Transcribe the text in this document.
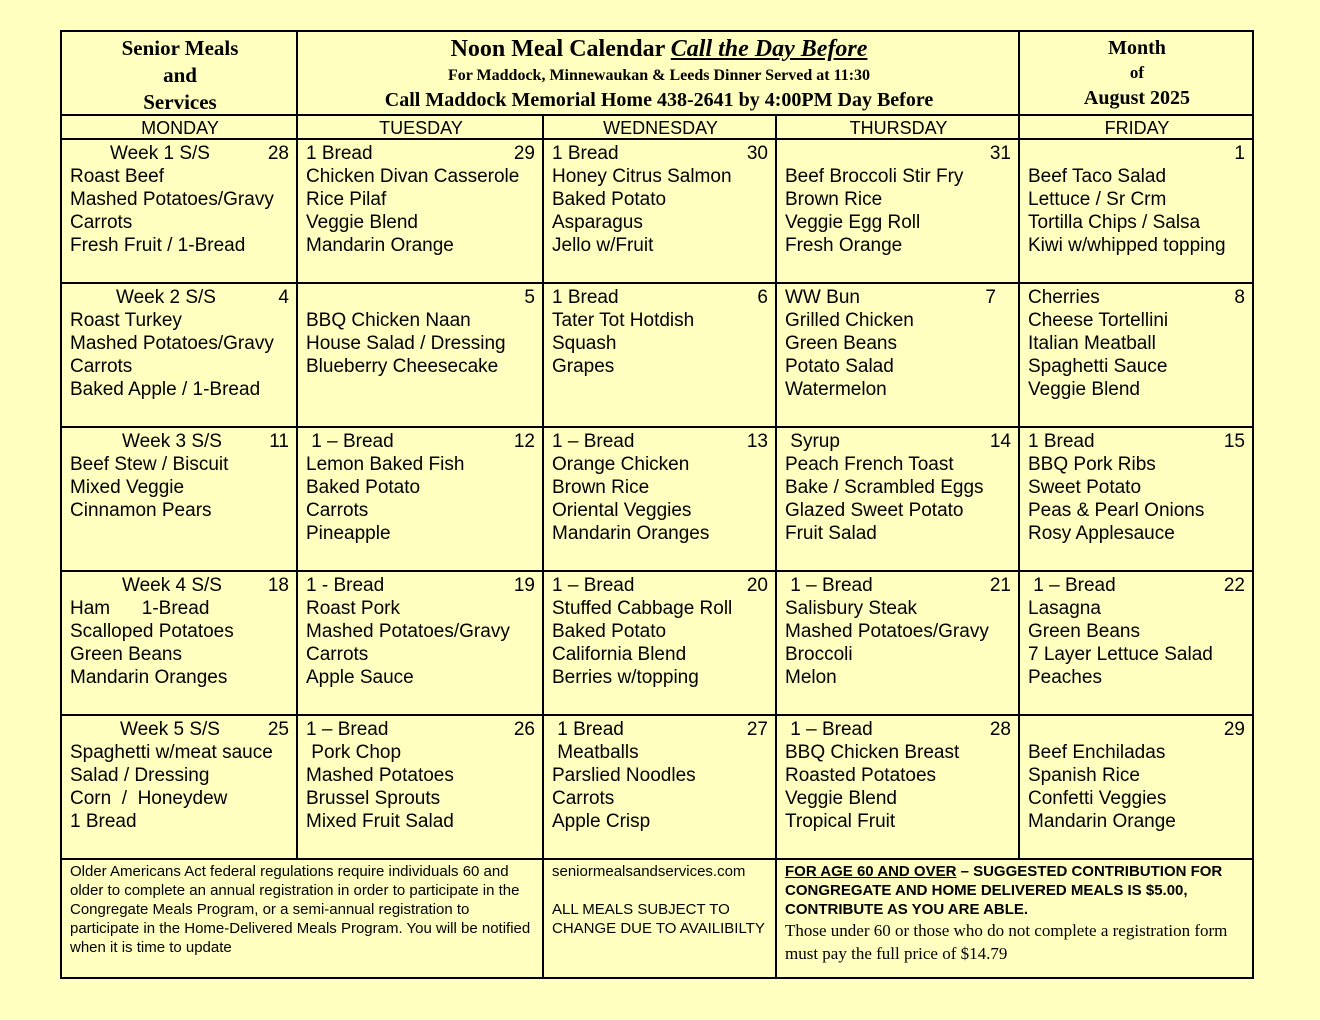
Senior Meals
and
Services
Noon Meal Calendar Call the Day Before
For Maddock, Minnewaukan & Leeds Dinner Served at 11:30
Call Maddock Memorial Home 438-2641 by 4:00PM Day Before
Month
of
August 2025
MONDAY	TUESDAY	WEDNESDAY	THURSDAY	FRIDAY
Week 1 S/S	28
Roast Beef
Mashed Potatoes/Gravy
Carrots
Fresh Fruit / 1-Bread
1 Bread	29
Chicken Divan Casserole
Rice Pilaf
Veggie Blend
Mandarin Orange
1 Bread	30
Honey Citrus Salmon
Baked Potato
Asparagus
Jello w/Fruit
31
Beef Broccoli Stir Fry
Brown Rice
Veggie Egg Roll
Fresh Orange
1
Beef Taco Salad
Lettuce / Sr Crm
Tortilla Chips / Salsa
Kiwi w/whipped topping
Week 2 S/S	4
Roast Turkey
Mashed Potatoes/Gravy
Carrots
Baked Apple / 1-Bread
5
BBQ Chicken Naan
House Salad / Dressing
Blueberry Cheesecake
1 Bread	6
Tater Tot Hotdish
Squash
Grapes
WW Bun	7
Grilled Chicken
Green Beans
Potato Salad
Watermelon
Cherries	8
Cheese Tortellini
Italian Meatball
Spaghetti Sauce
Veggie Blend
Week 3 S/S 11
Beef Stew / Biscuit
Mixed Veggie
Cinnamon Pears
1 – Bread	12
Lemon Baked Fish
Baked Potato
Carrots
Pineapple
1 – Bread	13
Orange Chicken
Brown Rice
Oriental Veggies
Mandarin Oranges
Syrup	14
Peach French Toast
Bake / Scrambled Eggs
Glazed Sweet Potato
Fruit Salad
1 Bread	15
BBQ Pork Ribs
Sweet Potato
Peas & Pearl Onions
Rosy Applesauce
Week 4 S/S 18
Ham      1-Bread
Scalloped Potatoes
Green Beans
Mandarin Oranges
1 - Bread	19
Roast Pork
Mashed Potatoes/Gravy
Carrots
Apple Sauce
1 – Bread	20
Stuffed Cabbage Roll
Baked Potato
California Blend
Berries w/topping
1 – Bread	21
Salisbury Steak
Mashed Potatoes/Gravy
Broccoli
Melon
1 – Bread	22
Lasagna
Green Beans
7 Layer Lettuce Salad
Peaches
Week 5 S/S	25
Spaghetti w/meat sauce
Salad / Dressing
Corn  /  Honeydew
1 Bread
1 – Bread	26
Pork Chop
Mashed Potatoes
Brussel Sprouts
Mixed Fruit Salad
1 Bread	27
Meatballs
Parslied Noodles
Carrots
Apple Crisp
1 – Bread	28
BBQ Chicken Breast
Roasted Potatoes
Veggie Blend
Tropical Fruit
29
Beef Enchiladas
Spanish Rice
Confetti Veggies
Mandarin Orange
Older Americans Act federal regulations require individuals 60 and older to complete an annual registration in order to participate in the Congregate Meals Program, or a semi-annual registration to participate in the Home-Delivered Meals Program. You will be notified when it is time to update
seniormealsandservices.com
ALL MEALS SUBJECT TO CHANGE DUE TO AVAILIBILTY
FOR AGE 60 AND OVER – SUGGESTED CONTRIBUTION FOR CONGREGATE AND HOME DELIVERED MEALS IS $5.00, CONTRIBUTE AS YOU ARE ABLE.
Those under 60 or those who do not complete a registration form must pay the full price of $14.79
